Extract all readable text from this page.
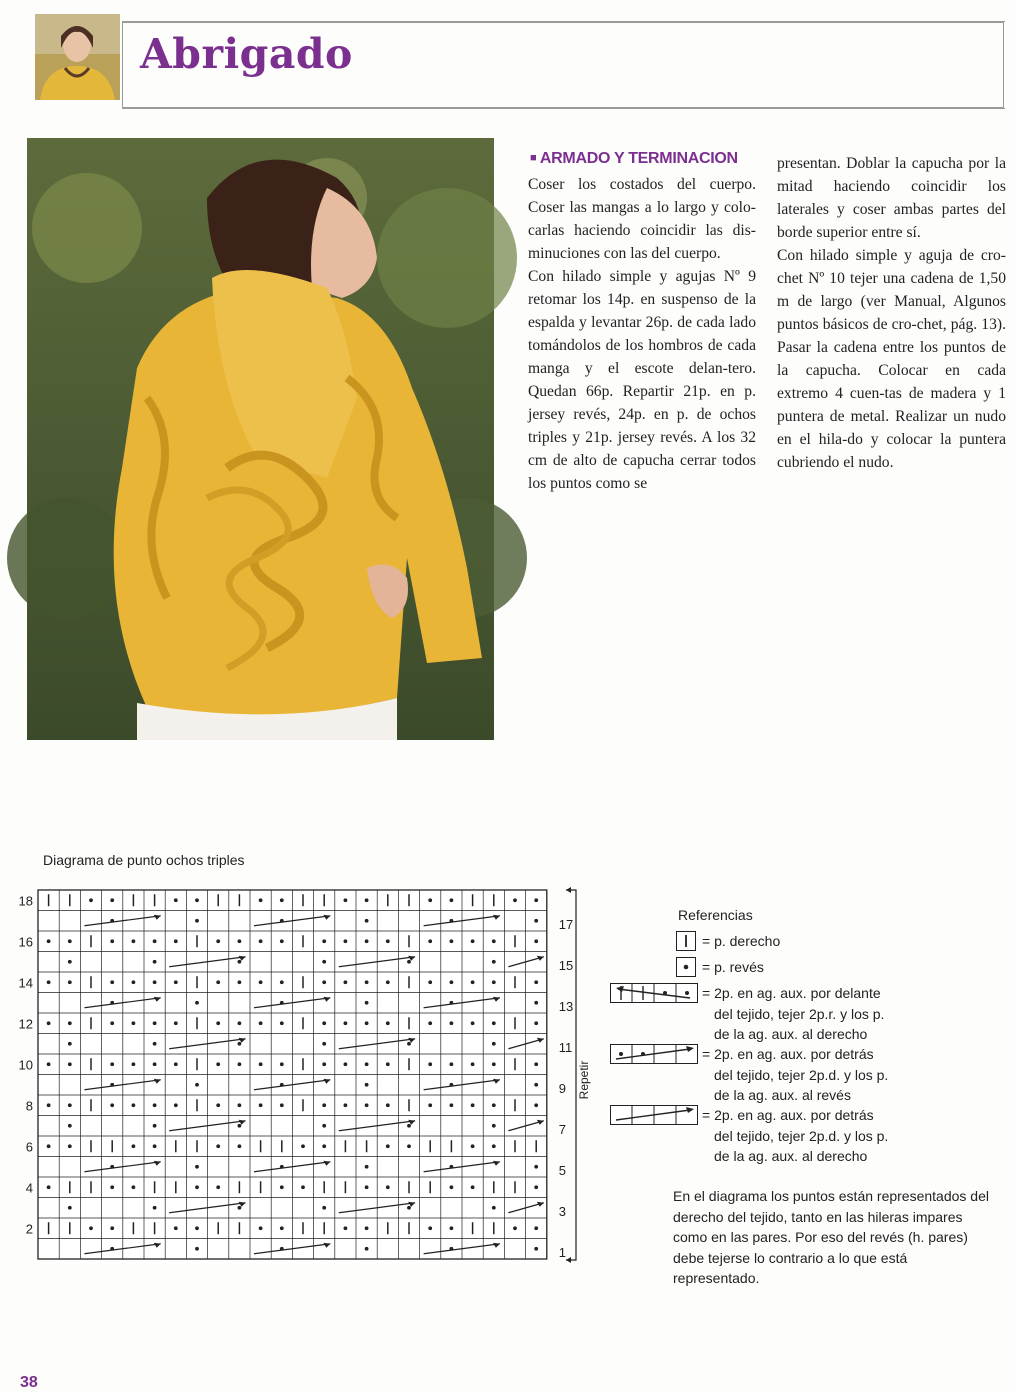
Abrigado
■ ARMADO Y TERMINACION

Coser los costados del cuerpo. Coser las mangas a lo largo y colo-carlas haciendo coincidir las dis-minuciones con las del cuerpo.

Con hilado simple y agujas Nº 9 retomar los 14p. en suspenso de la espalda y levantar 26p. de cada lado tomándolos de los hombros de cada manga y el escote delan-tero. Quedan 66p. Repartir 21p. en p. jersey revés, 24p. en p. de ochos triples y 21p. jersey revés. A los 32 cm de alto de capucha cerrar todos los puntos como se

presentan. Doblar la capucha por la mitad haciendo coincidir los laterales y coser ambas partes del borde superior entre sí.

Con hilado simple y aguja de cro-chet Nº 10 tejer una cadena de 1,50 m de largo (ver Manual, Algunos puntos básicos de cro-chet, pág. 13). Pasar la cadena entre los puntos de la capucha. Colocar en cada extremo 4 cuen-tas de madera y 1 puntera de metal. Realizar un nudo en el hila-do y colocar la puntera cubriendo el nudo.

Diagrama de punto ochos triples
18
16
14
12
10
8
6
4
2
17
15
13
11
9
7
5
3
1
Repetir
Referencias
= p. derecho
= p. revés
= 2p. en ag. aux. por delante
del tejido, tejer 2p.r. y los p.
de la ag. aux. al derecho
= 2p. en ag. aux. por detrás
del tejido, tejer 2p.d. y los p.
de la ag. aux. al revés
= 2p. en ag. aux. por detrás
del tejido, tejer 2p.d. y los p.
de la ag. aux. al derecho
En el diagrama los puntos están representados del derecho del tejido, tanto en las hileras impares como en las pares. Por eso del revés (h. pares) debe tejerse lo contrario a lo que está representado.
38
